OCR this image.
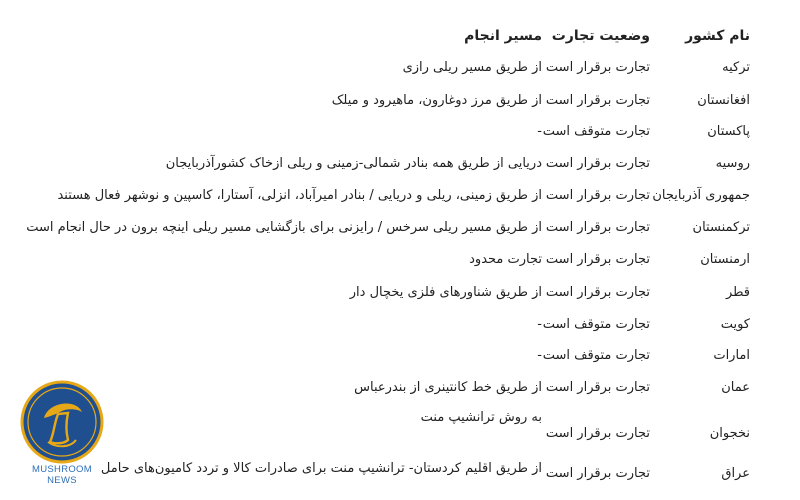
نام کشور
وضعیت تجارت
مسیر انجام
ترکیه
تجارت برقرار است
از طریق مسیر ریلی رازی
افغانستان
تجارت برقرار است
از طریق مرز دوغارون، ماهیرود و میلک
پاکستان
تجارت متوقف است
-
روسیه
تجارت برقرار است
دریایی از طریق همه بنادر شمالی-زمینی و ریلی ازخاک کشورآذربایجان
جمهوری آذربایجان
تجارت برقرار است
از طریق زمینی، ریلی و دریایی / بنادر امیرآباد، انزلی، آستارا، کاسپین و نوشهر فعال هستند
ترکمنستان
تجارت برقرار است
از طریق مسیر ریلی سرخس / رایزنی برای بازگشایی مسیر ریلی اینچه برون در حال انجام است
ارمنستان
تجارت برقرار است
تجارت محدود
قطر
تجارت برقرار است
از طریق شناورهای فلزی یخچال دار
کویت
تجارت متوقف است
-
امارات
تجارت متوقف است
-
عمان
تجارت برقرار است
از طریق خط کانتینری از بندرعباس
نخجوان
تجارت برقرار است
به روش ترانشیپ منت
عراق
تجارت برقرار است
از طریق اقلیم کردستان- ترانشیپ منت برای صادرات کالا و تردد کامیون‌های حامل
MUSHROOM
NEWS
